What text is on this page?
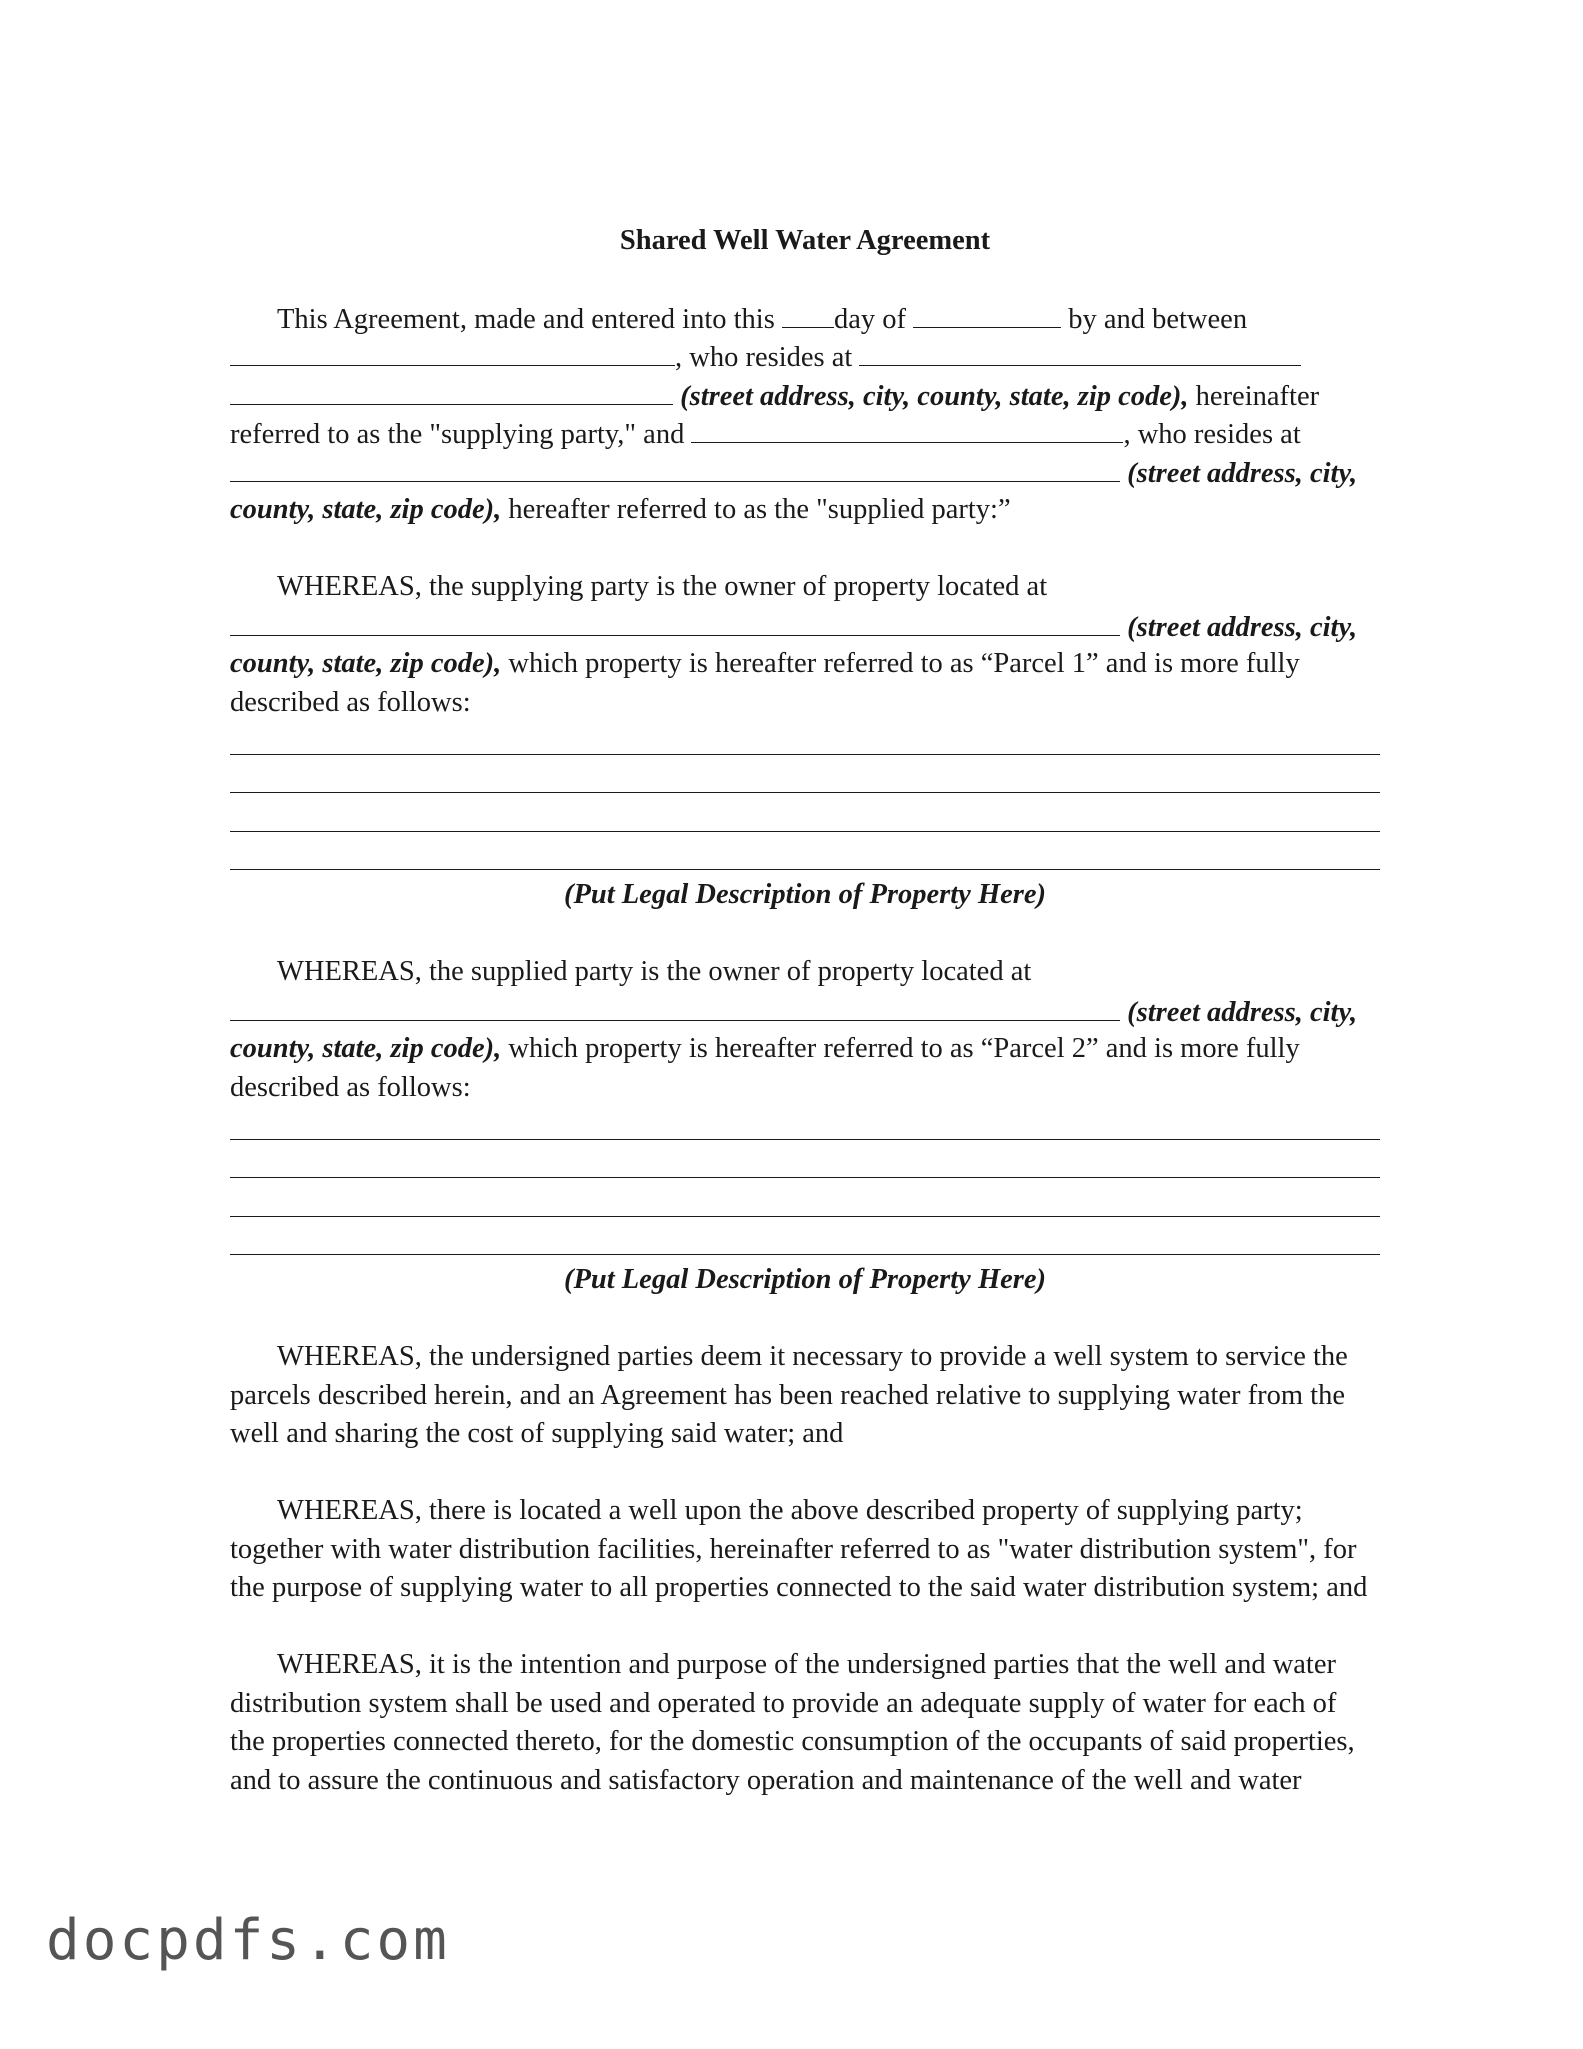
Shared Well Water Agreement
This Agreement, made and entered into this day of	by and between
, who resides at
(street address, city, county, state, zip code), hereinafter
referred to as the "supplying party," and	, who resides at
(street address, city,
county, state, zip code), hereafter referred to as the "supplied party:”
WHEREAS, the supplying party is the owner of property located at
(street address, city,
county, state, zip code), which property is hereafter referred to as “Parcel 1” and is more fully
described as follows:
(Put Legal Description of Property Here)
WHEREAS, the supplied party is the owner of property located at
(street address, city,
county, state, zip code), which property is hereafter referred to as “Parcel 2” and is more fully
described as follows:
(Put Legal Description of Property Here)
WHEREAS, the undersigned parties deem it necessary to provide a well system to service the
parcels described herein, and an Agreement has been reached relative to supplying water from the
well and sharing the cost of supplying said water; and
WHEREAS, there is located a well upon the above described property of supplying party;
together with water distribution facilities, hereinafter referred to as "water distribution system", for
the purpose of supplying water to all properties connected to the said water distribution system; and
WHEREAS, it is the intention and purpose of the undersigned parties that the well and water
distribution system shall be used and operated to provide an adequate supply of water for each of
the properties connected thereto, for the domestic consumption of the occupants of said properties,
and to assure the continuous and satisfactory operation and maintenance of the well and water
docpdfs.com
